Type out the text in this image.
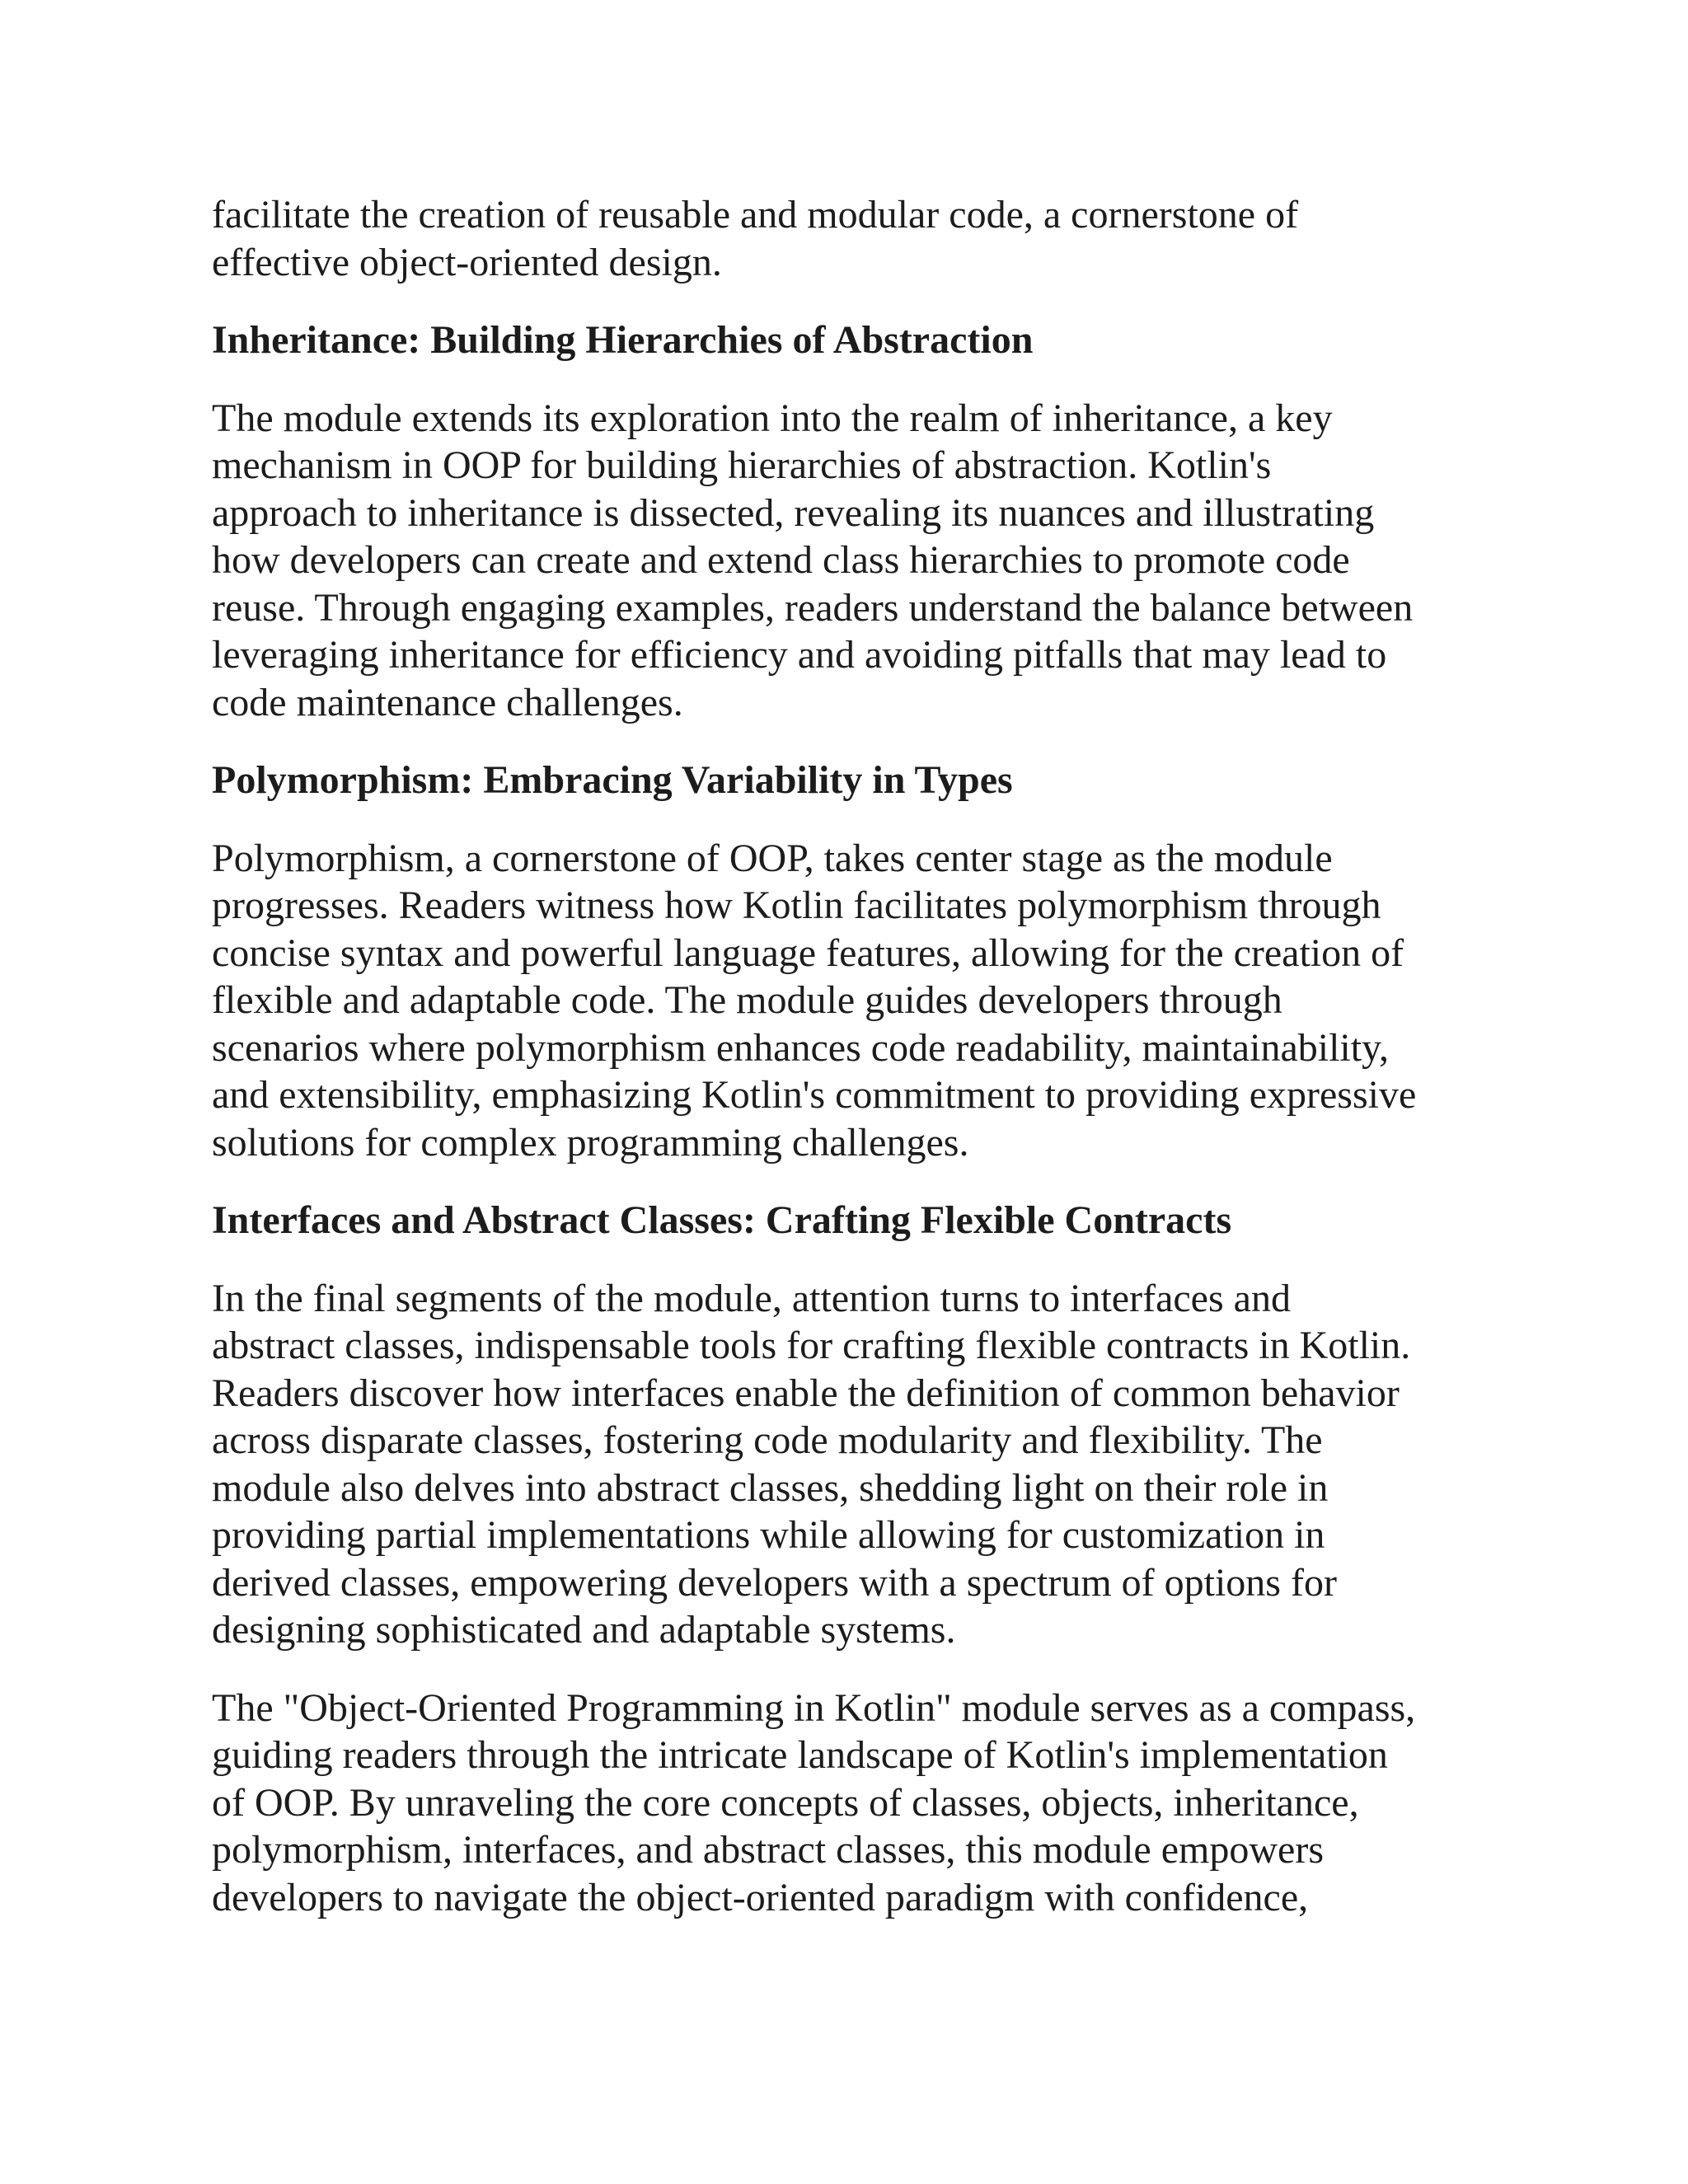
facilitate the creation of reusable and modular code, a cornerstone of
effective object-oriented design.

Inheritance: Building Hierarchies of Abstraction

The module extends its exploration into the realm of inheritance, a key
mechanism in OOP for building hierarchies of abstraction. Kotlin's
approach to inheritance is dissected, revealing its nuances and illustrating
how developers can create and extend class hierarchies to promote code
reuse. Through engaging examples, readers understand the balance between
leveraging inheritance for efficiency and avoiding pitfalls that may lead to
code maintenance challenges.

Polymorphism: Embracing Variability in Types

Polymorphism, a cornerstone of OOP, takes center stage as the module
progresses. Readers witness how Kotlin facilitates polymorphism through
concise syntax and powerful language features, allowing for the creation of
flexible and adaptable code. The module guides developers through
scenarios where polymorphism enhances code readability, maintainability,
and extensibility, emphasizing Kotlin's commitment to providing expressive
solutions for complex programming challenges.

Interfaces and Abstract Classes: Crafting Flexible Contracts

In the final segments of the module, attention turns to interfaces and
abstract classes, indispensable tools for crafting flexible contracts in Kotlin.
Readers discover how interfaces enable the definition of common behavior
across disparate classes, fostering code modularity and flexibility. The
module also delves into abstract classes, shedding light on their role in
providing partial implementations while allowing for customization in
derived classes, empowering developers with a spectrum of options for
designing sophisticated and adaptable systems.

The "Object-Oriented Programming in Kotlin" module serves as a compass,
guiding readers through the intricate landscape of Kotlin's implementation
of OOP. By unraveling the core concepts of classes, objects, inheritance,
polymorphism, interfaces, and abstract classes, this module empowers
developers to navigate the object-oriented paradigm with confidence,
